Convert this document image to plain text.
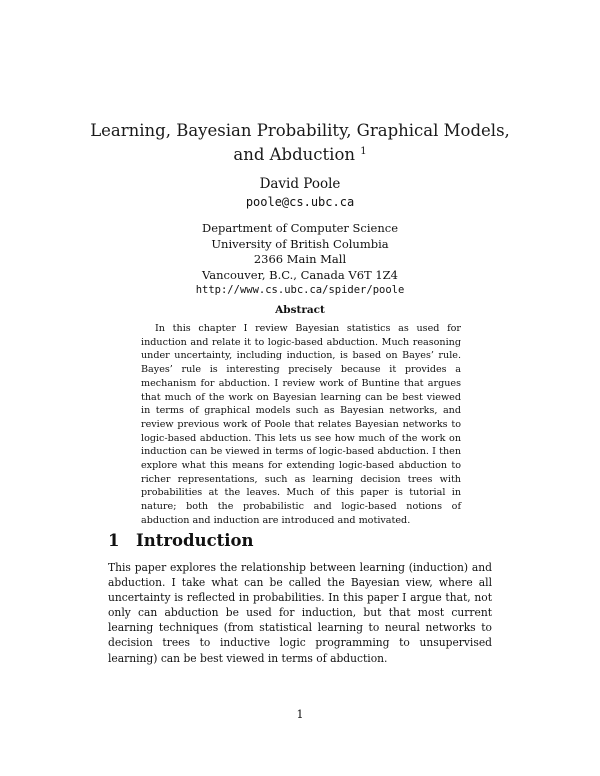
Learning, Bayesian Probability, Graphical Models, and Abduction $^1$
David Poole
poole@cs.ubc.ca
Department of Computer Science
University of British Columbia
2366 Main Mall
Vancouver, B.C., Canada V6T 1Z4
http://www.cs.ubc.ca/spider/poole
Abstract
In this chapter I review Bayesian statistics as used for induction and relate it to logic-based abduction. Much reasoning under uncertainty, including induction, is based on Bayes’ rule. Bayes’ rule is interesting precisely because it provides a mechanism for abduction. I review work of Buntine that argues that much of the work on Bayesian learning can be best viewed in terms of graphical models such as Bayesian networks, and review previous work of Poole that relates Bayesian networks to logic-based abduction. This lets us see how much of the work on induction can be viewed in terms of logic-based abduction. I then explore what this means for extending logic-based abduction to richer representations, such as learning decision trees with probabilities at the leaves. Much of this paper is tutorial in nature; both the probabilistic and logic-based notions of abduction and induction are introduced and motivated.
1 Introduction
This paper explores the relationship between learning (induction) and abduction. I take what can be called the Bayesian view, where all uncertainty is reflected in probabilities. In this paper I argue that, not only can abduction be used for induction, but that most current learning techniques (from statistical learning to neural networks to decision trees to inductive logic programming to unsupervised learning) can be best viewed in terms of abduction.
1
